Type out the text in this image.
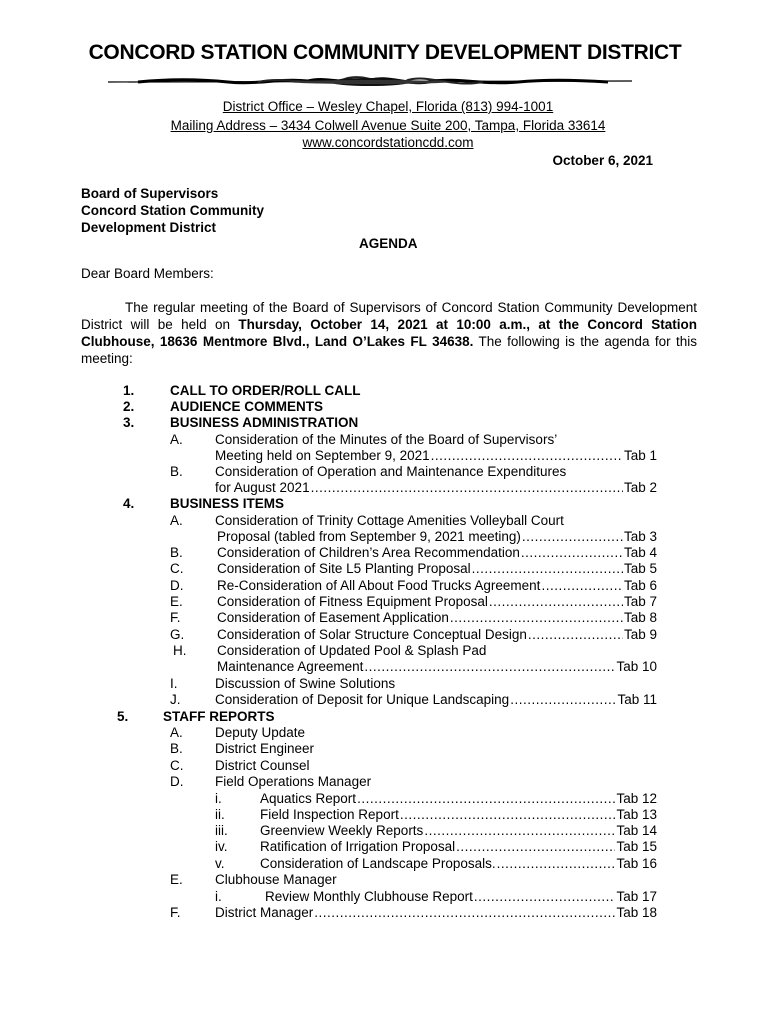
CONCORD STATION COMMUNITY DEVELOPMENT DISTRICT
District Office – Wesley Chapel, Florida (813) 994-1001
Mailing Address – 3434 Colwell Avenue Suite 200, Tampa, Florida 33614
www.concordstationcdd.com
October 6, 2021
Board of Supervisors
Concord Station Community
Development District
AGENDA
Dear Board Members:
The regular meeting of the Board of Supervisors of Concord Station Community Development District will be held on Thursday, October 14, 2021 at 10:00 a.m., at the Concord Station Clubhouse, 18636 Mentmore Blvd., Land O’Lakes FL 34638. The following is the agenda for this meeting:
1.	CALL TO ORDER/ROLL CALL
2.	AUDIENCE COMMENTS
3.	BUSINESS ADMINISTRATION
A. Consideration of the Minutes of the Board of Supervisors’
Meeting held on September 9, 2021 .....	Tab 1
B. Consideration of Operation and Maintenance Expenditures
for August 2021 .....	Tab 2
4.	BUSINESS ITEMS
A. Consideration of Trinity Cottage Amenities Volleyball Court
Proposal (tabled from September 9, 2021 meeting) .....	Tab 3
B.	Consideration of Children’s Area Recommendation .....	Tab 4
C. Consideration of Site L5 Planting Proposal .....	Tab 5
D. Re-Consideration of All About Food Trucks Agreement .....	Tab 6
E.	Consideration of Fitness Equipment Proposal .....	Tab 7
F.	Consideration of Easement Application .....	Tab 8
G. Consideration of Solar Structure Conceptual Design .....	Tab 9
H. Consideration of Updated Pool & Splash Pad
Maintenance Agreement .....	Tab 10
I.	Discussion of Swine Solutions
J.	Consideration of Deposit for Unique Landscaping .....	Tab 11
5.	STAFF REPORTS
A. Deputy Update
B. District Engineer
C. District Counsel
D. Field Operations Manager
i.	Aquatics Report .....	Tab 12
ii.	Field Inspection Report .....	Tab 13
iii. Greenview Weekly Reports .....	Tab 14
iv. Ratification of Irrigation Proposal .....	Tab 15
v.	Consideration of Landscape Proposals. .....	Tab 16
E. Clubhouse Manager
i.	Review Monthly Clubhouse Report .....	Tab 17
F.	District Manager .....	Tab 18
